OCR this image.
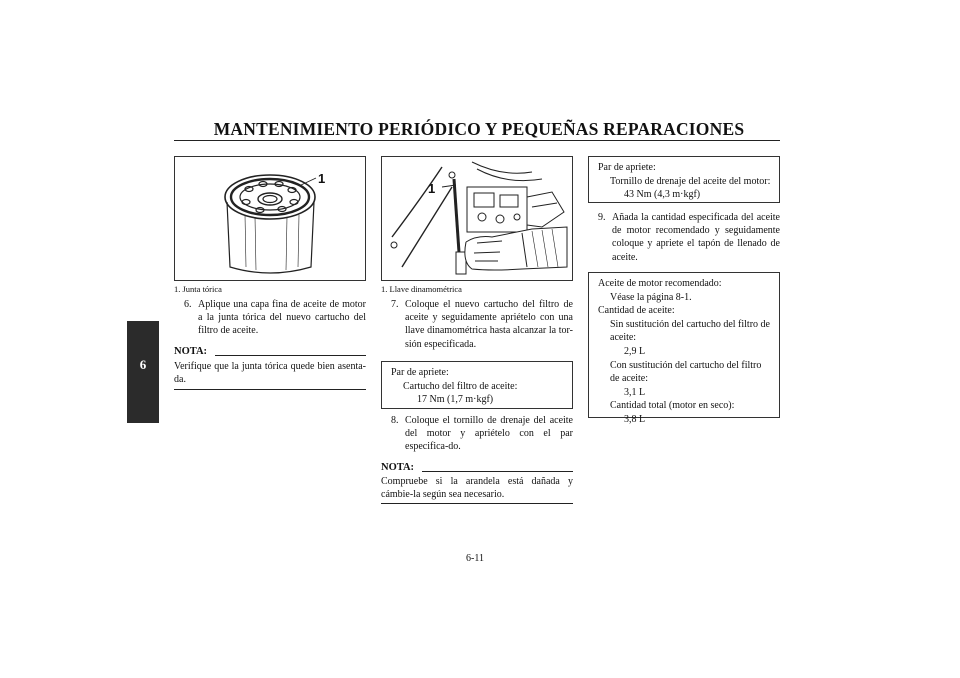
MANTENIMIENTO PERIÓDICO Y PEQUEÑAS REPARACIONES
6
1
1. Junta tórica
6. Aplique una capa fina de aceite de motor a la junta tórica del nuevo cartucho del filtro de aceite.
NOTA:
Verifique que la junta tórica quede bien asenta-da.
1
1. Llave dinamométrica
7. Coloque el nuevo cartucho del filtro de aceite y seguidamente apriételo con una llave dinamométrica hasta alcanzar la tor-sión especificada.
Par de apriete:
Cartucho del filtro de aceite:
17 Nm (1,7 m·kgf)
8. Coloque el tornillo de drenaje del aceite del motor y apriételo con el par especifica-do.
NOTA:
Compruebe si la arandela está dañada y cámbie-la según sea necesario.
Par de apriete:
Tornillo de drenaje del aceite del motor:
43 Nm (4,3 m·kgf)
9. Añada la cantidad especificada del aceite de motor recomendado y seguidamente coloque y apriete el tapón de llenado de aceite.
Aceite de motor recomendado:
Véase la página 8-1.
Cantidad de aceite:
Sin sustitución del cartucho del filtro de aceite:
2,9 L
Con sustitución del cartucho del filtro de aceite:
3,1 L
Cantidad total (motor en seco):
3,8 L
6-11
